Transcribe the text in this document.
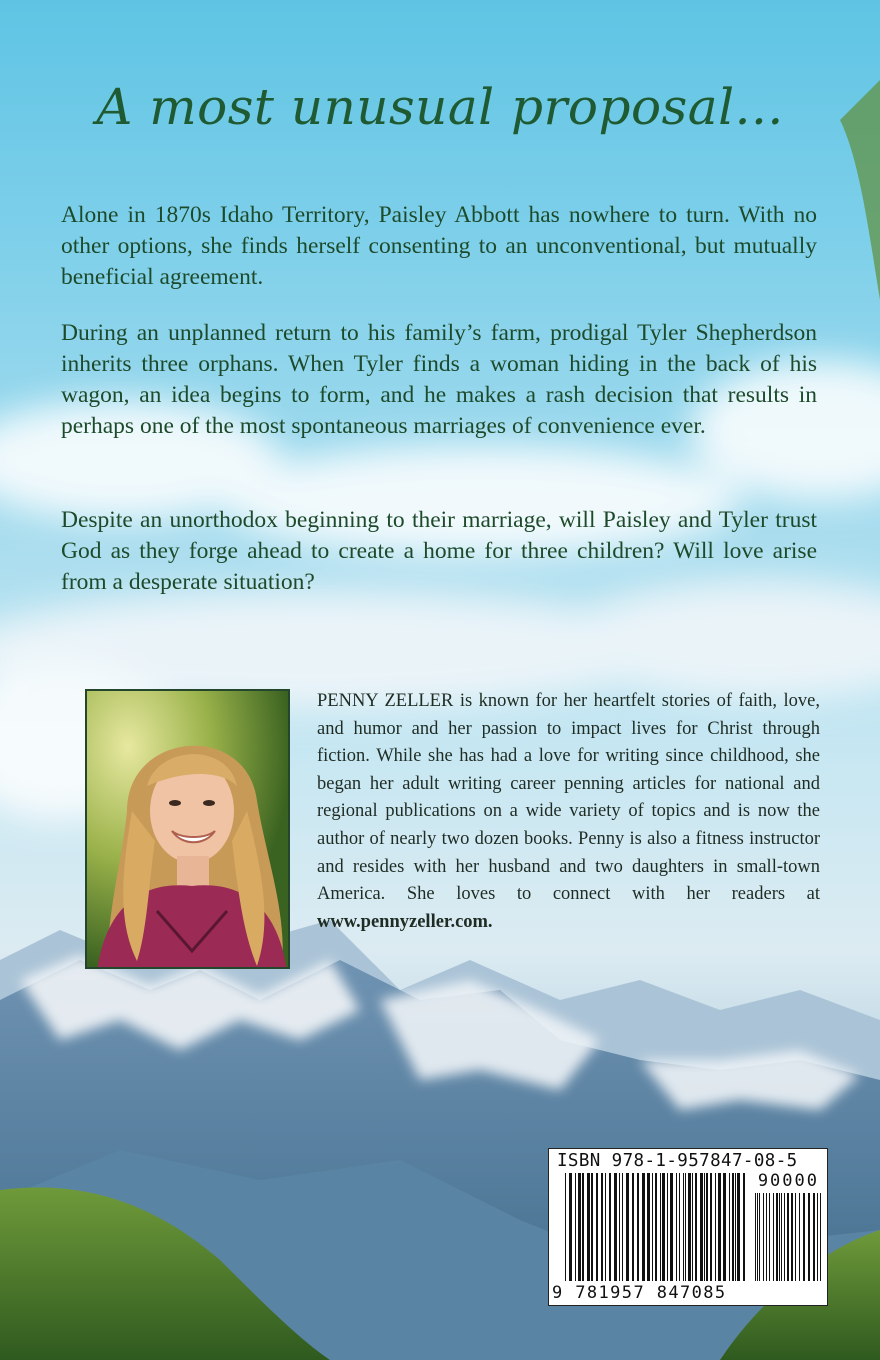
A most unusual proposal...

Alone in 1870s Idaho Territory, Paisley Abbott has nowhere to turn. With no other options, she finds herself consenting to an unconventional, but mutually beneficial agreement.

During an unplanned return to his family’s farm, prodigal Tyler Shepherdson inherits three orphans. When Tyler finds a woman hiding in the back of his wagon, an idea begins to form, and he makes a rash decision that results in perhaps one of the most spontaneous marriages of convenience ever.

Despite an unorthodox beginning to their marriage, will Paisley and Tyler trust God as they forge ahead to create a home for three children? Will love arise from a desperate situation?

PENNY ZELLER is known for her heartfelt stories of faith, love, and humor and her passion to impact lives for Christ through fiction. While she has had a love for writing since childhood, she began her adult writing career penning articles for national and regional publications on a wide variety of topics and is now the author of nearly two dozen books. Penny is also a fitness instructor and resides with her husband and two daughters in small-town America. She loves to connect with her readers at www.pennyzeller.com.

ISBN 978-1-957847-08-5
90000
9 781957 847085
